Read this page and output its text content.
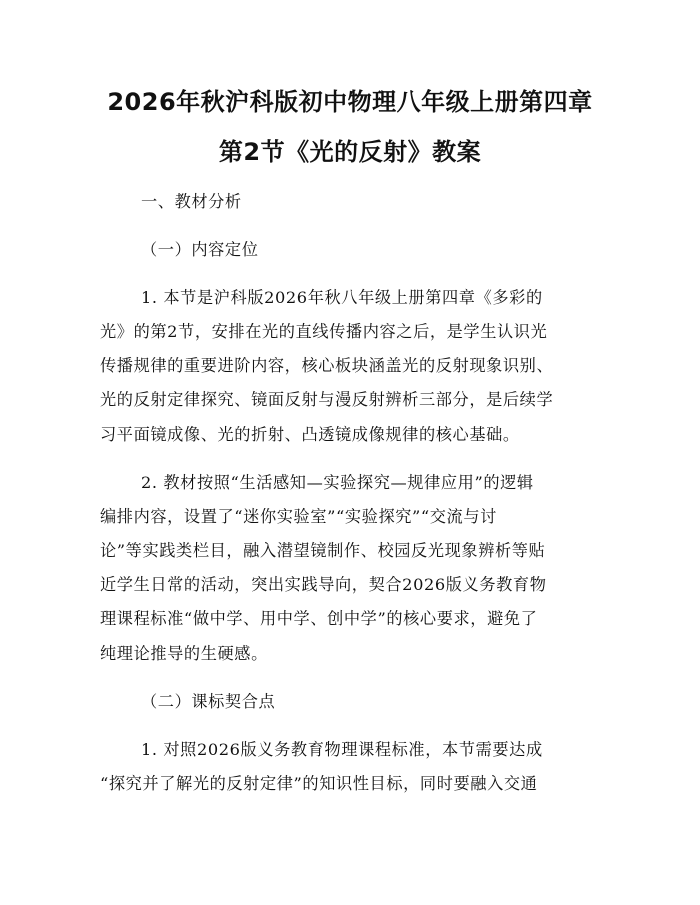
2026年秋沪科版初中物理八年级上册第四章
第2节《光的反射》教案
一、教材分析
（一）内容定位
1. 本节是沪科版2026年秋八年级上册第四章《多彩的
光》的第2节，安排在光的直线传播内容之后，是学生认识光
传播规律的重要进阶内容，核心板块涵盖光的反射现象识别、
光的反射定律探究、镜面反射与漫反射辨析三部分，是后续学
习平面镜成像、光的折射、凸透镜成像规律的核心基础。
2. 教材按照“生活感知—实验探究—规律应用”的逻辑
编排内容，设置了“迷你实验室”“实验探究”“交流与讨
论”等实践类栏目，融入潜望镜制作、校园反光现象辨析等贴
近学生日常的活动，突出实践导向，契合2026版义务教育物
理课程标准“做中学、用中学、创中学”的核心要求，避免了
纯理论推导的生硬感。
（二）课标契合点
1. 对照2026版义务教育物理课程标准，本节需要达成
“探究并了解光的反射定律”的知识性目标，同时要融入交通
